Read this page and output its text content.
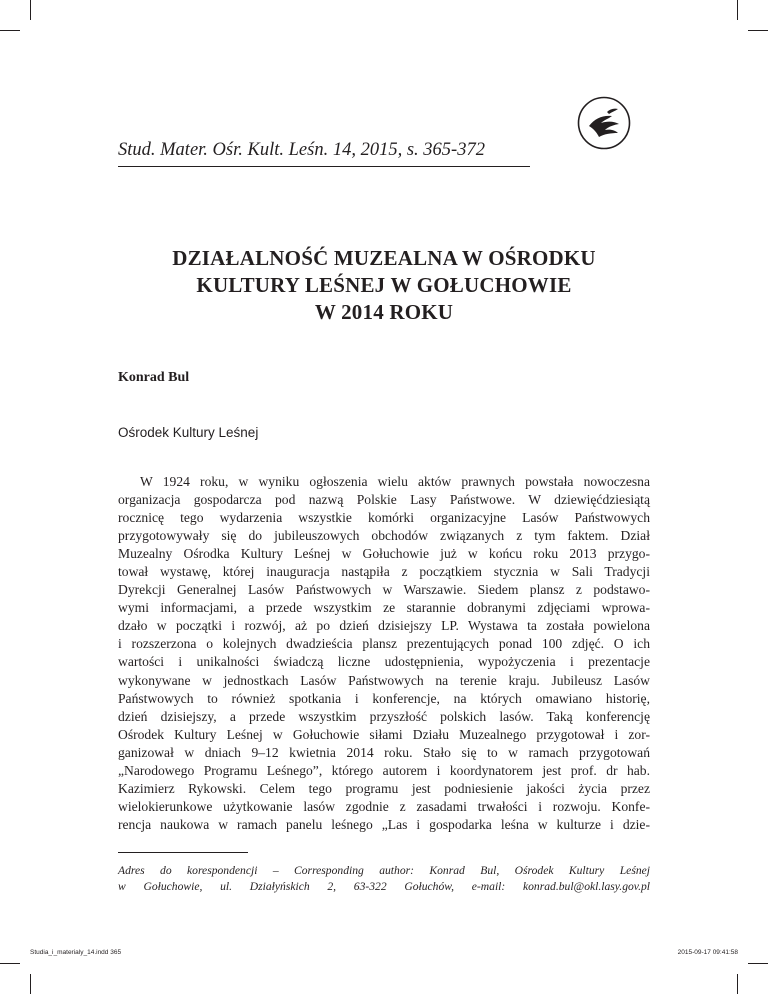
Stud. Mater. Ośr. Kult. Leśn. 14, 2015, s. 365-372
DZIAŁALNOŚĆ MUZEALNA W OŚRODKU
KULTURY LEŚNEJ W GOŁUCHOWIE
W 2014 ROKU
Konrad Bul
Ośrodek Kultury Leśnej
W 1924 roku, w wyniku ogłoszenia wielu aktów prawnych powstała nowoczesna
organizacja gospodarcza pod nazwą Polskie Lasy Państwowe. W dziewięćdziesiątą
rocznicę tego wydarzenia wszystkie komórki organizacyjne Lasów Państwowych
przygotowywały się do jubileuszowych obchodów związanych z tym faktem. Dział
Muzealny Ośrodka Kultury Leśnej w Gołuchowie już w końcu roku 2013 przygo-
tował wystawę, której inauguracja nastąpiła z początkiem stycznia w Sali Tradycji
Dyrekcji Generalnej Lasów Państwowych w Warszawie. Siedem plansz z podstawo-
wymi informacjami, a przede wszystkim ze starannie dobranymi zdjęciami wprowa-
dzało w początki i rozwój, aż po dzień dzisiejszy LP. Wystawa ta została powielona
i rozszerzona o kolejnych dwadzieścia plansz prezentujących ponad 100 zdjęć. O ich
wartości i unikalności świadczą liczne udostępnienia, wypożyczenia i prezentacje
wykonywane w jednostkach Lasów Państwowych na terenie kraju. Jubileusz Lasów
Państwowych to również spotkania i konferencje, na których omawiano historię,
dzień dzisiejszy, a przede wszystkim przyszłość polskich lasów. Taką konferencję
Ośrodek Kultury Leśnej w Gołuchowie siłami Działu Muzealnego przygotował i zor-
ganizował w dniach 9–12 kwietnia 2014 roku. Stało się to w ramach przygotowań
„Narodowego Programu Leśnego”, którego autorem i koordynatorem jest prof. dr hab.
Kazimierz Rykowski. Celem tego programu jest podniesienie jakości życia przez
wielokierunkowe użytkowanie lasów zgodnie z zasadami trwałości i rozwoju. Konfe-
rencja naukowa w ramach panelu leśnego „Las i gospodarka leśna w kulturze i dzie-
Adres do korespondencji – Corresponding author: Konrad Bul, Ośrodek Kultury Leśnej
w Gołuchowie, ul. Działyńskich 2, 63-322 Gołuchów, e-mail: konrad.bul@okl.lasy.gov.pl
Studia_i_materialy_14.indd 365	2015-09-17 09:41:58
